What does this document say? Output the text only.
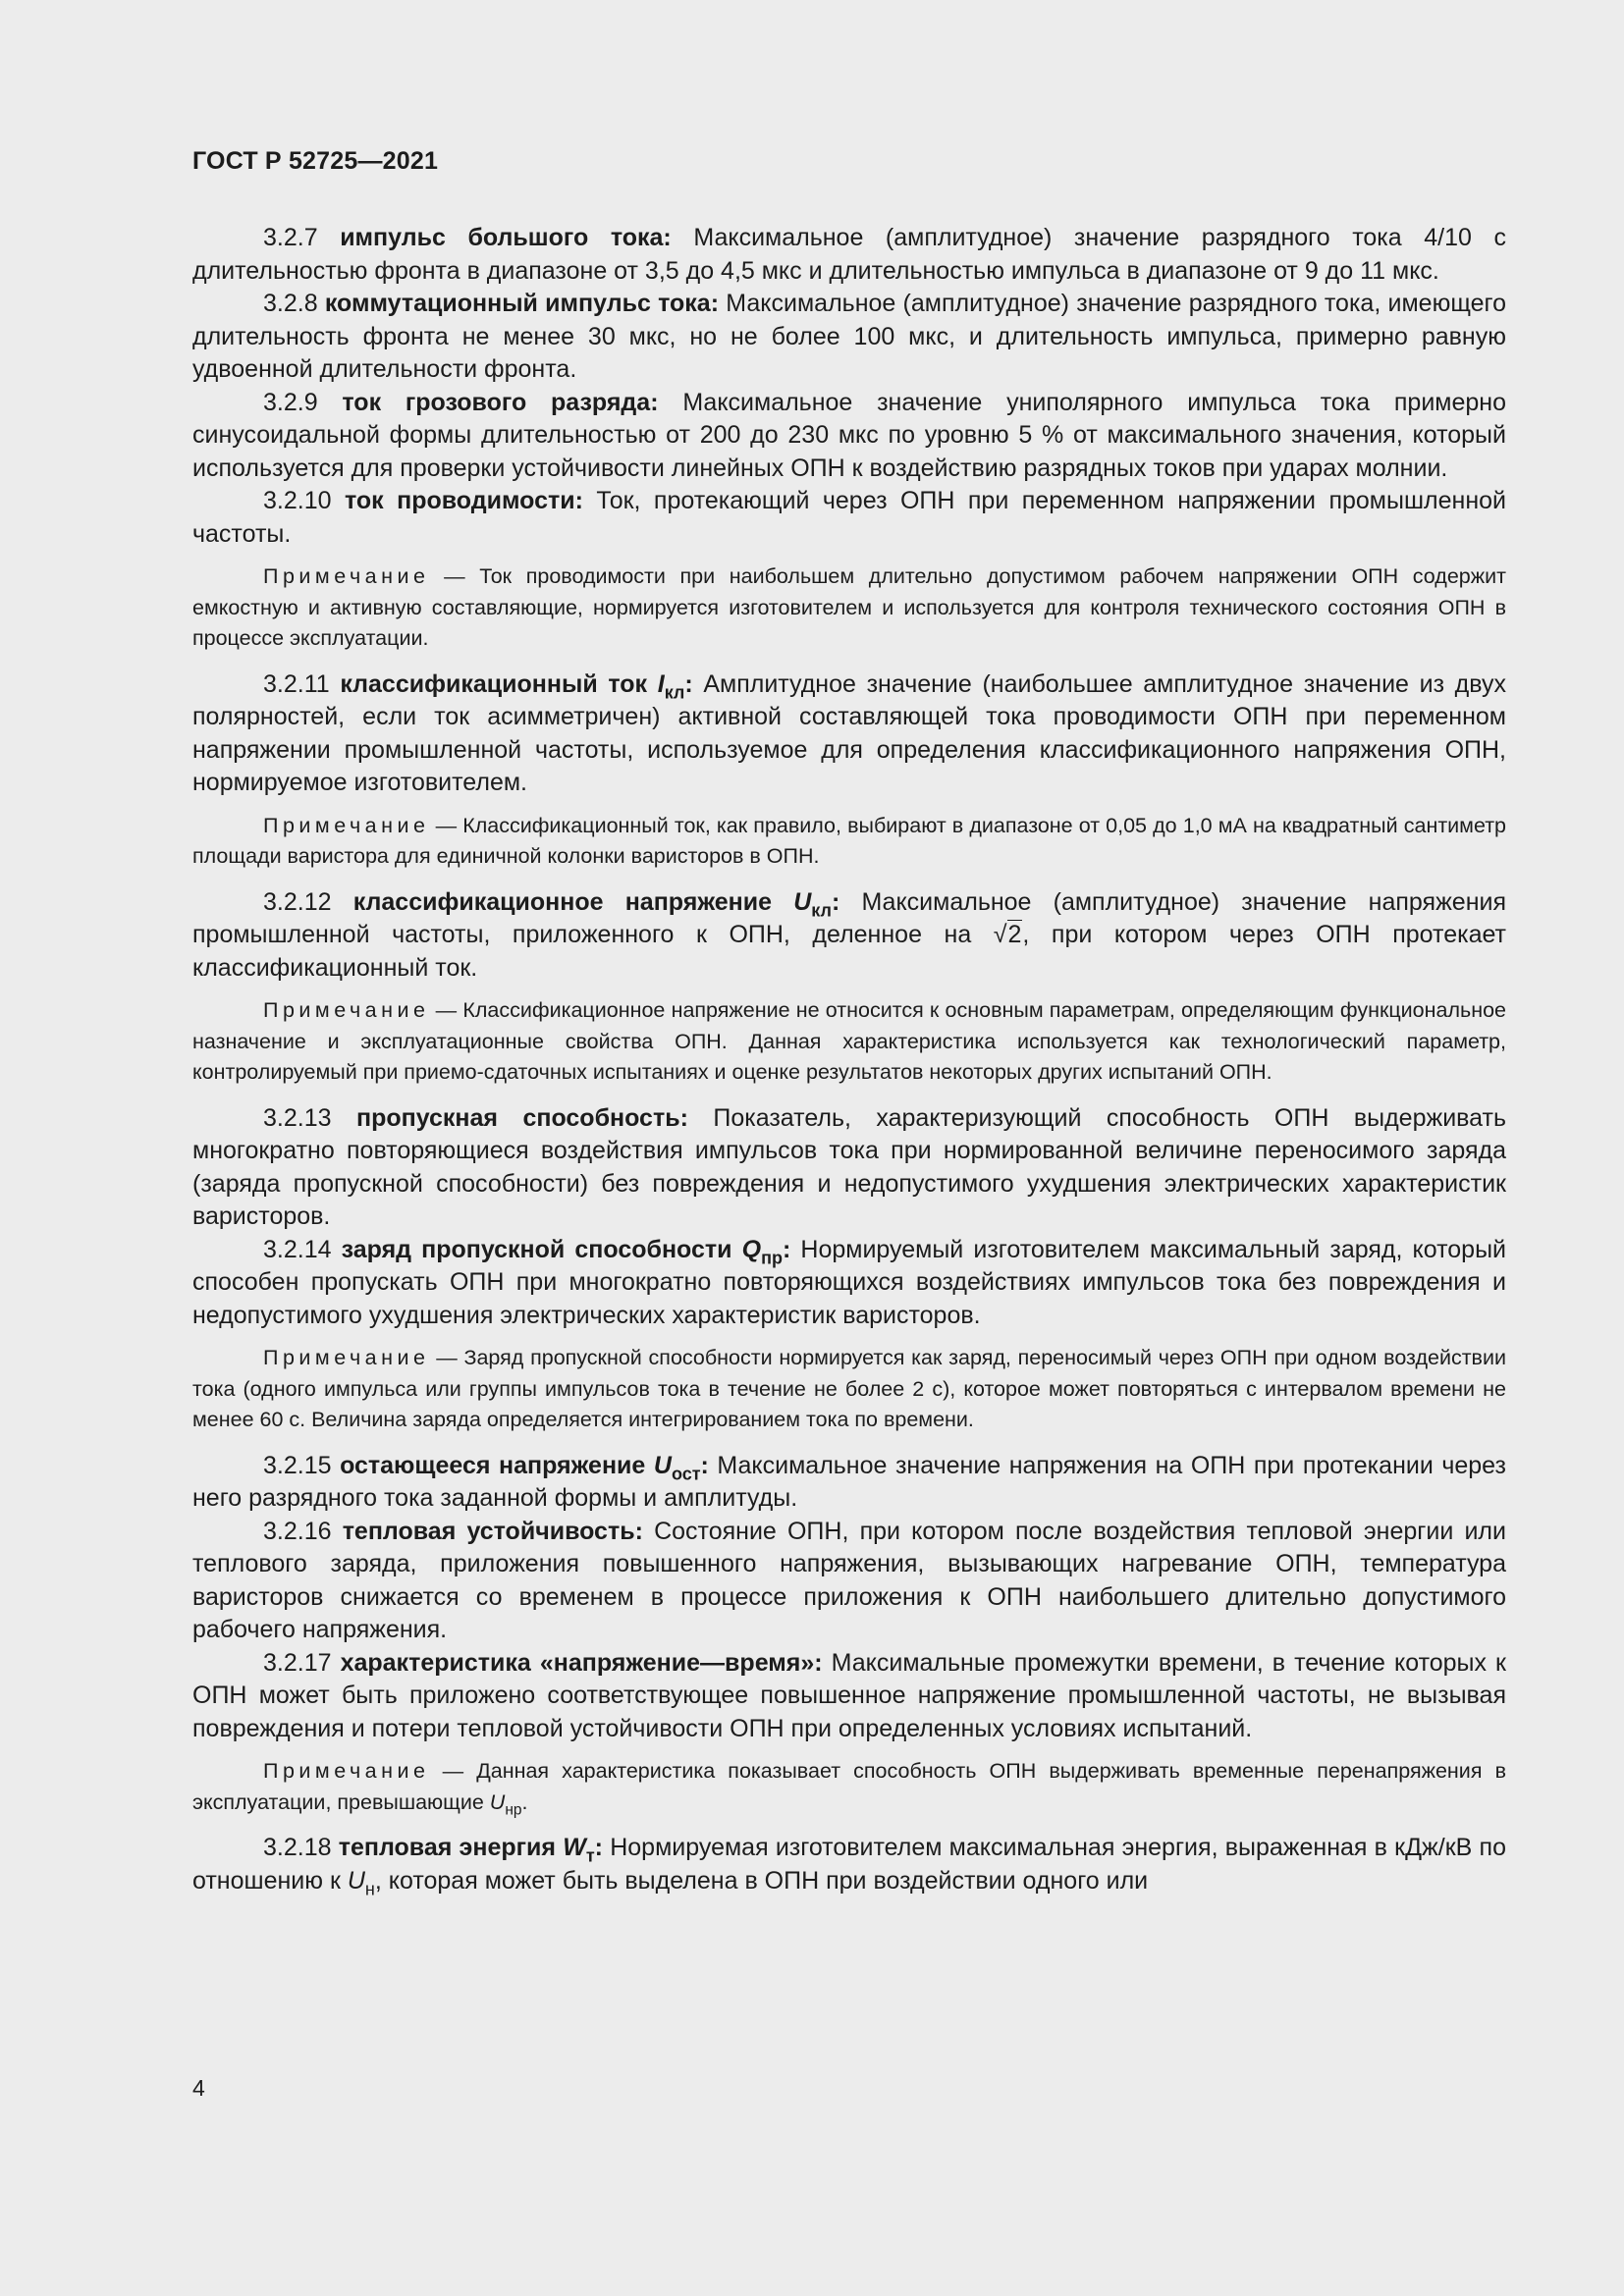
ГОСТ Р 52725—2021
3.2.7 импульс большого тока: Максимальное (амплитудное) значение разрядного тока 4/10 с длительностью фронта в диапазоне от 3,5 до 4,5 мкс и длительностью импульса в диапазоне от 9 до 11 мкс.
3.2.8 коммутационный импульс тока: Максимальное (амплитудное) значение разрядного тока, имеющего длительность фронта не менее 30 мкс, но не более 100 мкс, и длительность импульса, примерно равную удвоенной длительности фронта.
3.2.9 ток грозового разряда: Максимальное значение униполярного импульса тока примерно синусоидальной формы длительностью от 200 до 230 мкс по уровню 5 % от максимального значения, который используется для проверки устойчивости линейных ОПН к воздействию разрядных токов при ударах молнии.
3.2.10 ток проводимости: Ток, протекающий через ОПН при переменном напряжении промышленной частоты.
Примечание — Ток проводимости при наибольшем длительно допустимом рабочем напряжении ОПН содержит емкостную и активную составляющие, нормируется изготовителем и используется для контроля технического состояния ОПН в процессе эксплуатации.
3.2.11 классификационный ток $I_{кл}$: Амплитудное значение (наибольшее амплитудное значение из двух полярностей, если ток асимметричен) активной составляющей тока проводимости ОПН при переменном напряжении промышленной частоты, используемое для определения классификационного напряжения ОПН, нормируемое изготовителем.
Примечание — Классификационный ток, как правило, выбирают в диапазоне от 0,05 до 1,0 мА на квадратный сантиметр площади варистора для единичной колонки варисторов в ОПН.
3.2.12 классификационное напряжение $U_{кл}$: Максимальное (амплитудное) значение напряжения промышленной частоты, приложенного к ОПН, деленное на √2, при котором через ОПН протекает классификационный ток.
Примечание — Классификационное напряжение не относится к основным параметрам, определяющим функциональное назначение и эксплуатационные свойства ОПН. Данная характеристика используется как технологический параметр, контролируемый при приемо-сдаточных испытаниях и оценке результатов некоторых других испытаний ОПН.
3.2.13 пропускная способность: Показатель, характеризующий способность ОПН выдерживать многократно повторяющиеся воздействия импульсов тока при нормированной величине переносимого заряда (заряда пропускной способности) без повреждения и недопустимого ухудшения электрических характеристик варисторов.
3.2.14 заряд пропускной способности $Q_{пр}$: Нормируемый изготовителем максимальный заряд, который способен пропускать ОПН при многократно повторяющихся воздействиях импульсов тока без повреждения и недопустимого ухудшения электрических характеристик варисторов.
Примечание — Заряд пропускной способности нормируется как заряд, переносимый через ОПН при одном воздействии тока (одного импульса или группы импульсов тока в течение не более 2 с), которое может повторяться с интервалом времени не менее 60 с. Величина заряда определяется интегрированием тока по времени.
3.2.15 остающееся напряжение $U_{ост}$: Максимальное значение напряжения на ОПН при протекании через него разрядного тока заданной формы и амплитуды.
3.2.16 тепловая устойчивость: Состояние ОПН, при котором после воздействия тепловой энергии или теплового заряда, приложения повышенного напряжения, вызывающих нагревание ОПН, температура варисторов снижается со временем в процессе приложения к ОПН наибольшего длительно допустимого рабочего напряжения.
3.2.17 характеристика «напряжение—время»: Максимальные промежутки времени, в течение которых к ОПН может быть приложено соответствующее повышенное напряжение промышленной частоты, не вызывая повреждения и потери тепловой устойчивости ОПН при определенных условиях испытаний.
Примечание — Данная характеристика показывает способность ОПН выдерживать временные перенапряжения в эксплуатации, превышающие $U_{нр}$.
3.2.18 тепловая энергия $W_т$: Нормируемая изготовителем максимальная энергия, выраженная в кДж/кВ по отношению к $U_н$, которая может быть выделена в ОПН при воздействии одного или
4
